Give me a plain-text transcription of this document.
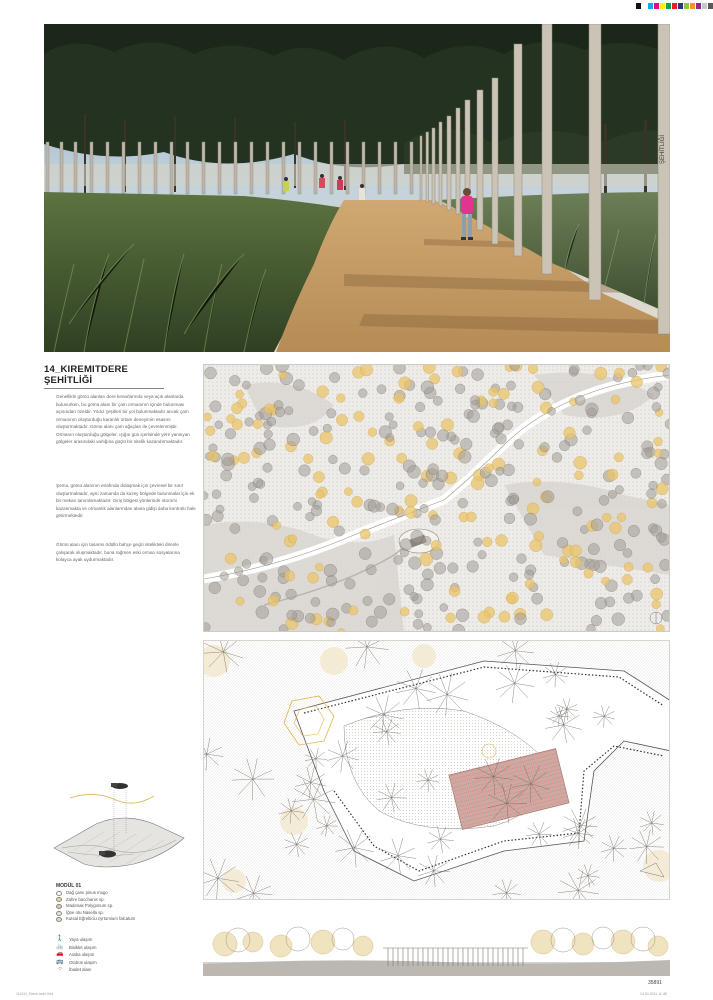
ŞEHİTLİĞİ
14_KIREMITDERE ŞEHİTLİĞİ

Genellikle gömü alanları dere kenarlarında veya açık alanlarda bulunurken, bu gömü alanı bir çam ormanının içinde bulunması açısından özeldir. Yıldız çeşitleri bir yol bulunmaktadır ancak çam ormanının oluşturduğu karanlık ortam deneyimin esasını oluşturmaktadır. Gömü alanı çam ağaçları ile çevrelenmiştir. Ormanın oluşturduğu gölgeler, ışığın gün içerisinde yere yansıyan gölgeler arasındaki varlığına güçlü bir nitelik kazandırmaktadır.

Şema, gömü alanının etrafında dolaşmak için çevresel bir sınır oluşturmaktadır, aynı zamanda da kuzey bölgede bulunmalar için ek bir mekan tanımlamaktadır. Giriş bölgesi yönlerinde otoromi kazanmakta ve ormanlık alanlarından alana gidişi daha kontrolü hale getirmektedir.

Gömü alanı için tasarısı ödüllü bahçe geçiti nitelikteki direnle çalışarak oluşmaktadır, buna rağmen eski orman sosyalarına kolayca ayak uydurmaktadır.

MODÜL 01
Dağ çamı pinus mugo
Zahre bacchanis sp.
Madımak Polygonum sp.
İğne otu Nasella sp.
Kutsal Eğrelticiu cyrtomium falcatum
🚶 Yaya ulaşım
🚲 Bisiklet ulaşım
🚗 Araba ulaşım
🚌 Otobüs ulaşım
○	İbadet alanı
35891
111011_Kirem.indd Yeni	14.04.2011 11:48
